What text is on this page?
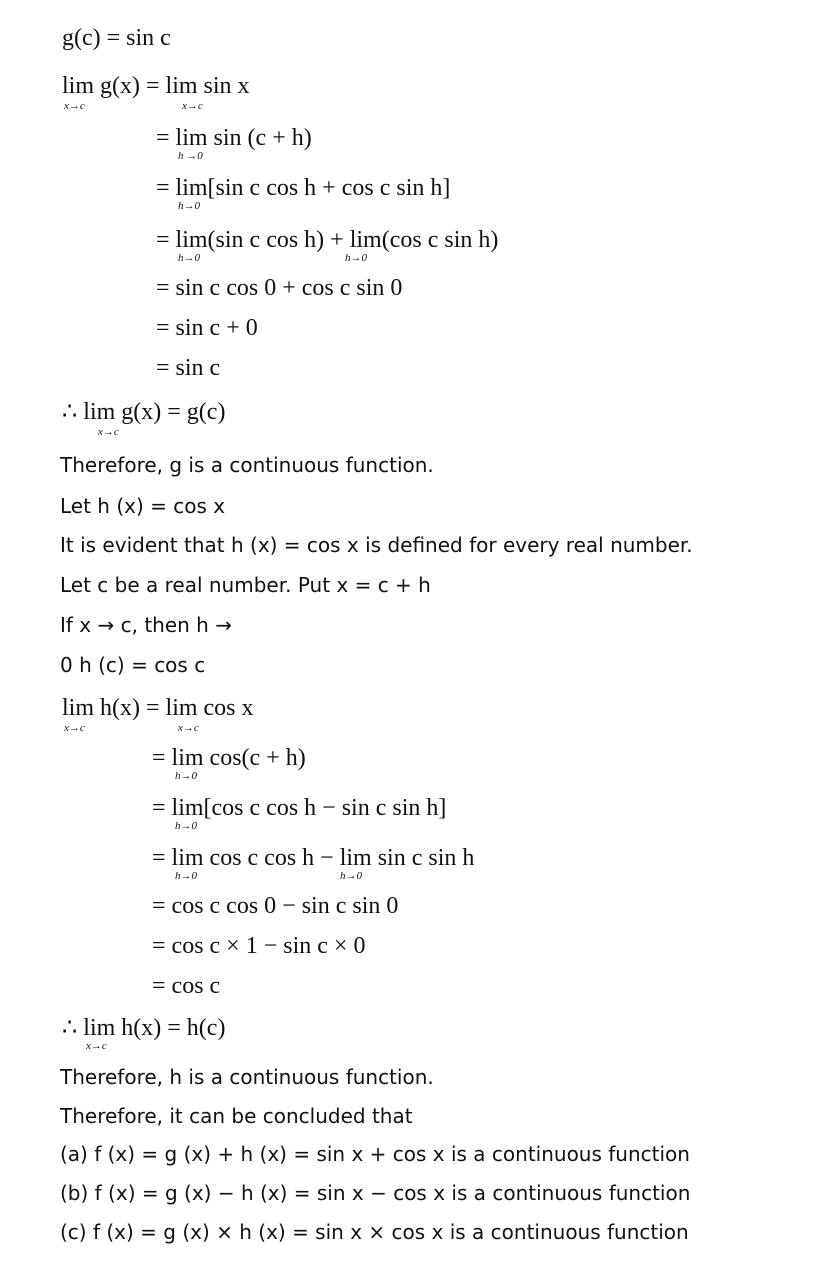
g(c) = sin c
lim g(x) = lim sin x
x→c	x→c
= lim sin (c + h)
h →0
= lim[sin c cos h + cos c sin h]
h→0
= lim(sin c cos h) + lim(cos c sin h)
h→0	h→0
= sin c cos 0 + cos c sin 0
= sin c + 0
= sin c
∴ lim g(x) = g(c)
x→c
Therefore, g is a continuous function.
Let h (x) = cos x
It is evident that h (x) = cos x is defined for every real number.
Let c be a real number. Put x = c + h
If x → c, then h →
0 h (c) = cos c
lim h(x) = lim cos x
x→c	x→c
= lim cos(c + h)
h→0
= lim[cos c cos h − sin c sin h]
h→0
= lim cos c cos h − lim sin c sin h
h→0	h→0
= cos c cos 0 − sin c sin 0
= cos c × 1 − sin c × 0
= cos c
∴ lim h(x) = h(c)
x→c
Therefore, h is a continuous function.
Therefore, it can be concluded that
(a) f (x) = g (x) + h (x) = sin x + cos x is a continuous function
(b) f (x) = g (x) − h (x) = sin x − cos x is a continuous function
(c) f (x) = g (x) × h (x) = sin x × cos x is a continuous function
